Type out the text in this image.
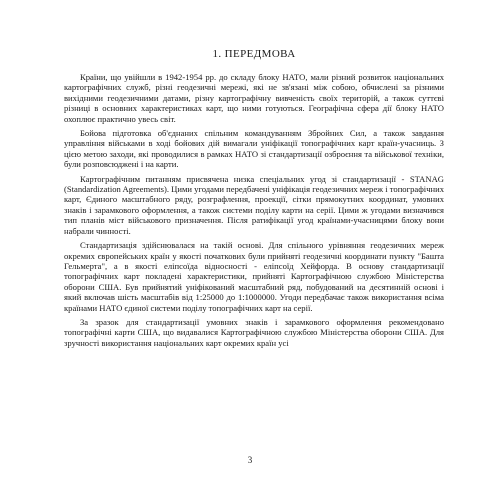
1. ПЕРЕДМОВА

Країни, що увійшли в 1942-1954 рр. до складу блоку НАТО, мали різний розвиток національних картографічних служб, різні геодезичні мережі, які не зв'язані між собою, обчислені за різними вихідними геодезичними датами, різну картографічну вивченість своїх територій, а також суттєві різниці в основних характеристиках карт, що ними готуються. Географічна сфера дії блоку НАТО охоплює практично увесь світ.

Бойова підготовка об'єднаних спільним командуванням Збройних Сил, а також завдання управління військами в ході бойових дій вимагали уніфікації топографічних карт країн-учасниць. З цією метою заходи, які проводилися в рамках НАТО зі стандартизації озброєння та військової техніки, були розповсюджені і на карти.

Картографічним питанням присвячена низка спеціальних угод зі стандартизації - STANAG (Standardization Agreements). Цими угодами передбачені уніфікація геодезичних мереж і топографічних карт, Єдиного масштабного ряду, розграфлення, проекції, сітки прямокутних координат, умовних знаків і зарамкового оформлення, а також системи поділу карти на серії. Цими ж угодами визначився тип планів міст військового призначення. Після ратифікації угод країнами-учасницями блоку вони набрали чинності.

Стандартизація здійснювалася на такій основі. Для спільного урівняння геодезичних мереж окремих європейських країн у якості початкових були прийняті геодезичні координати пункту "Башта Гельмерта", а в якості еліпсоїда відносності - еліпсоїд Хейфорда. В основу стандартизації топографічних карт покладені характеристики, прийняті Картографічною службою Міністерства оборони США. Був прийнятий уніфікований масштабний ряд, побудований на десятинній основі і який включав шість масштабів від 1:25000 до 1:1000000. Угоди передбачає також використання всіма країнами НАТО єдиної системи поділу топографічних карт на серії.

За зразок для стандартизації умовних знаків і зарамкового оформлення рекомендовано топографічні карти США, що видавалися Картографічною службою Міністерства оборони США. Для зручності використання національних карт окремих країн усі

3
